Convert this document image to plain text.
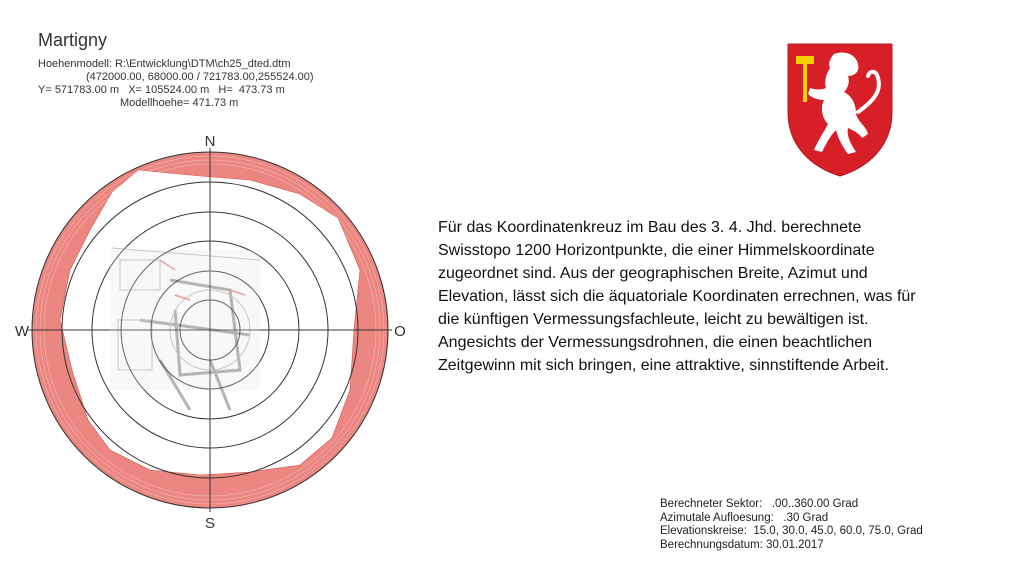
Martigny
Hoehenmodell: R:\Entwicklung\DTM\ch25_dted.dtm
(472000.00, 68000.00 / 721783.00,255524.00)
Y= 571783.00 m   X= 105524.00 m   H=  473.73 m
Modellhoehe= 471.73 m
N
S
W	O

Für das Koordinatenkreuz im Bau des 3. 4. Jhd. berechnete Swisstopo 1200 Horizontpunkte, die einer Himmelskoordinate zugeordnet sind. Aus der geographischen Breite, Azimut und Elevation, lässt sich die äquatoriale Koordinaten errechnen, was für die künftigen Vermessungsfachleute, leicht zu bewältigen ist. Angesichts der Vermessungsdrohnen, die einen beachtlichen Zeitgewinn mit sich bringen, eine attraktive, sinnstiftende Arbeit.

Berechneter Sektor:   .00..360.00 Grad
Azimutale Aufloesung:   .30 Grad
Elevationskreise:  15.0, 30.0, 45.0, 60.0, 75.0, Grad
Berechnungsdatum: 30.01.2017
